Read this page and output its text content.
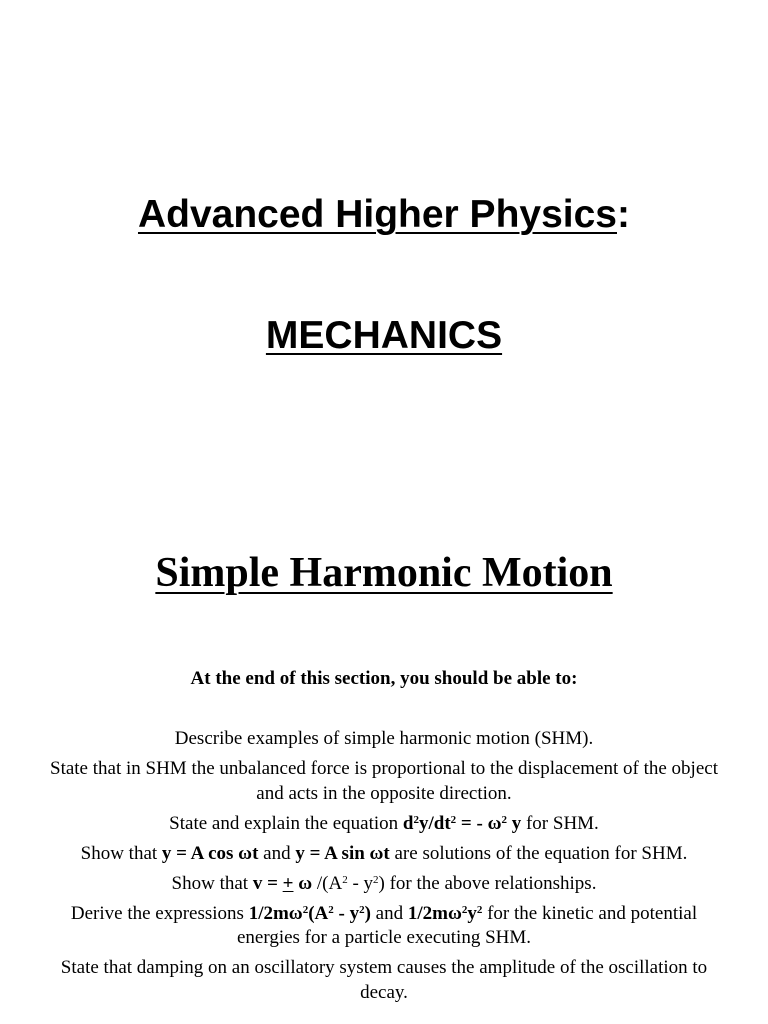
Advanced Higher Physics:
MECHANICS
Simple Harmonic Motion
At the end of this section, you should be able to:
Describe examples of simple harmonic motion (SHM).
State that in SHM the unbalanced force is proportional to the displacement of the object and acts in the opposite direction.
State and explain the equation $d^2y/dt^2$ = - $\omega^2$ y for SHM.
Show that y = A cos ωt and y = A sin ωt are solutions of the equation for SHM.
Show that v = + ω $/(A^2 - y^2)$ for the above relationships.
Derive the expressions $1/2m\omega^2(A^2 - y^2)$ and $1/2m\omega^2y^2$ for the kinetic and potential energies for a particle executing SHM.
State that damping on an oscillatory system causes the amplitude of the oscillation to decay.
